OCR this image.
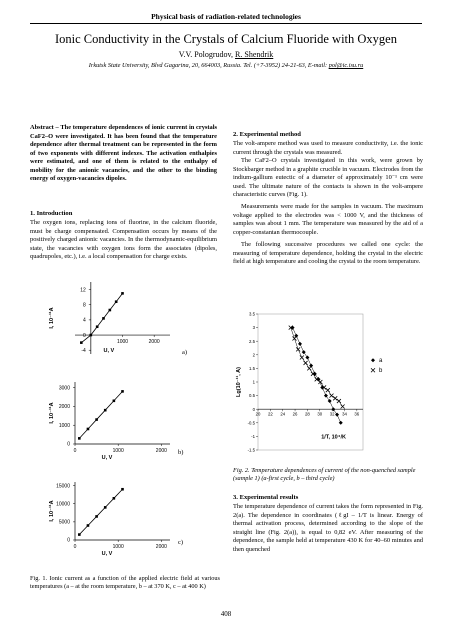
Physical basis of radiation-related technologies
Ionic Conductivity in the Crystals of Calcium Fluoride with Oxygen
V.V. Pologrudov, R. Shendrik
Irkutsk State University, Blvd Gagarina, 20, 664003, Russia. Tel. (+7-3952) 24-21-63, E-mail: pol@ic.isu.ru
Abstract – The temperature dependences of ionic current in crystals CaF2–O were investigated. It has been found that the temperature dependence after thermal treatment can be represented in the form of two exponents with different indexes. The activation enthalpies were estimated, and one of them is related to the enthalpy of mobility for the anionic vacancies, and the other to the binding energy of oxygen-vacancies dipoles.
1. Introduction
The oxygen ions, replacing ions of fluorine, in the calcium fluoride, must be charge compensated. Compensation occurs by means of the positively charged anionic vacancies. In the thermodynamic-equilibrium state, the vacancies with oxygen ions form the associates (dipoles, quadrupoles, etc.), i.e. a local compensation for charge exists.
2. Experimental method
The volt-ampere method was used to measure conductivity, i.e. the ionic current through the crystals was measured.
The CaF2–O crystals investigated in this work, were grown by Stockbarger method in a graphite crucible in vacuum. Electrodes from the indium-gallium eutectic of a diameter of approximately 10⁻¹ cm were used. The ultimate nature of the contacts is shown in the volt-ampere characteristic curves (Fig. 1).
Measurements were made for the samples in vacuum. The maximum voltage applied to the electrodes was < 1000 V, and the thickness of samples was about 1 mm. The temperature was measured by the aid of a copper-constantan thermocouple.
The following successive procedures we called one cycle: the measuring of temperature dependence, holding the crystal in the electric field at high temperature and cooling the crystal to the room temperature.
12
8
4
0
-4
1000	2000
U, V
I, 10⁻¹¹A
a)
3000
2000
1000
0
0	1000	2000
U, V
I, 10⁻¹¹A
b)
15000
10000
5000
0
0	1000	2000
U, V
I, 10⁻¹¹A
c)
3.5
3
2.5
2
1.5
1
0.5
0
-0.5
-1
-1.5
20 22 24 26 28 30 32 34 36
Lg(10⁻¹¹, A)
1/T, 10⁴/K
a
b
Fig. 2. Temperature dependences of current of the non-quenched sample (sample 1) (a-first cycle, b – third cycle)
3. Experimental results
The temperature dependence of current takes the form represented in Fig. 2(a). The dependence in coordinates (ℓgI – 1/T is linear. Energy of thermal activation process, determined according to the slope of the straight line (Fig. 2(a)), is equal to 0,82 eV. After measuring of the dependence, the sample held at temperature 430 K for 40–60 minutes and then quenched
Fig. 1. Ionic current as a function of the applied electric field at various temperatures (a – at the room temperature, b – at 370 K, c – at 400 K)
408
